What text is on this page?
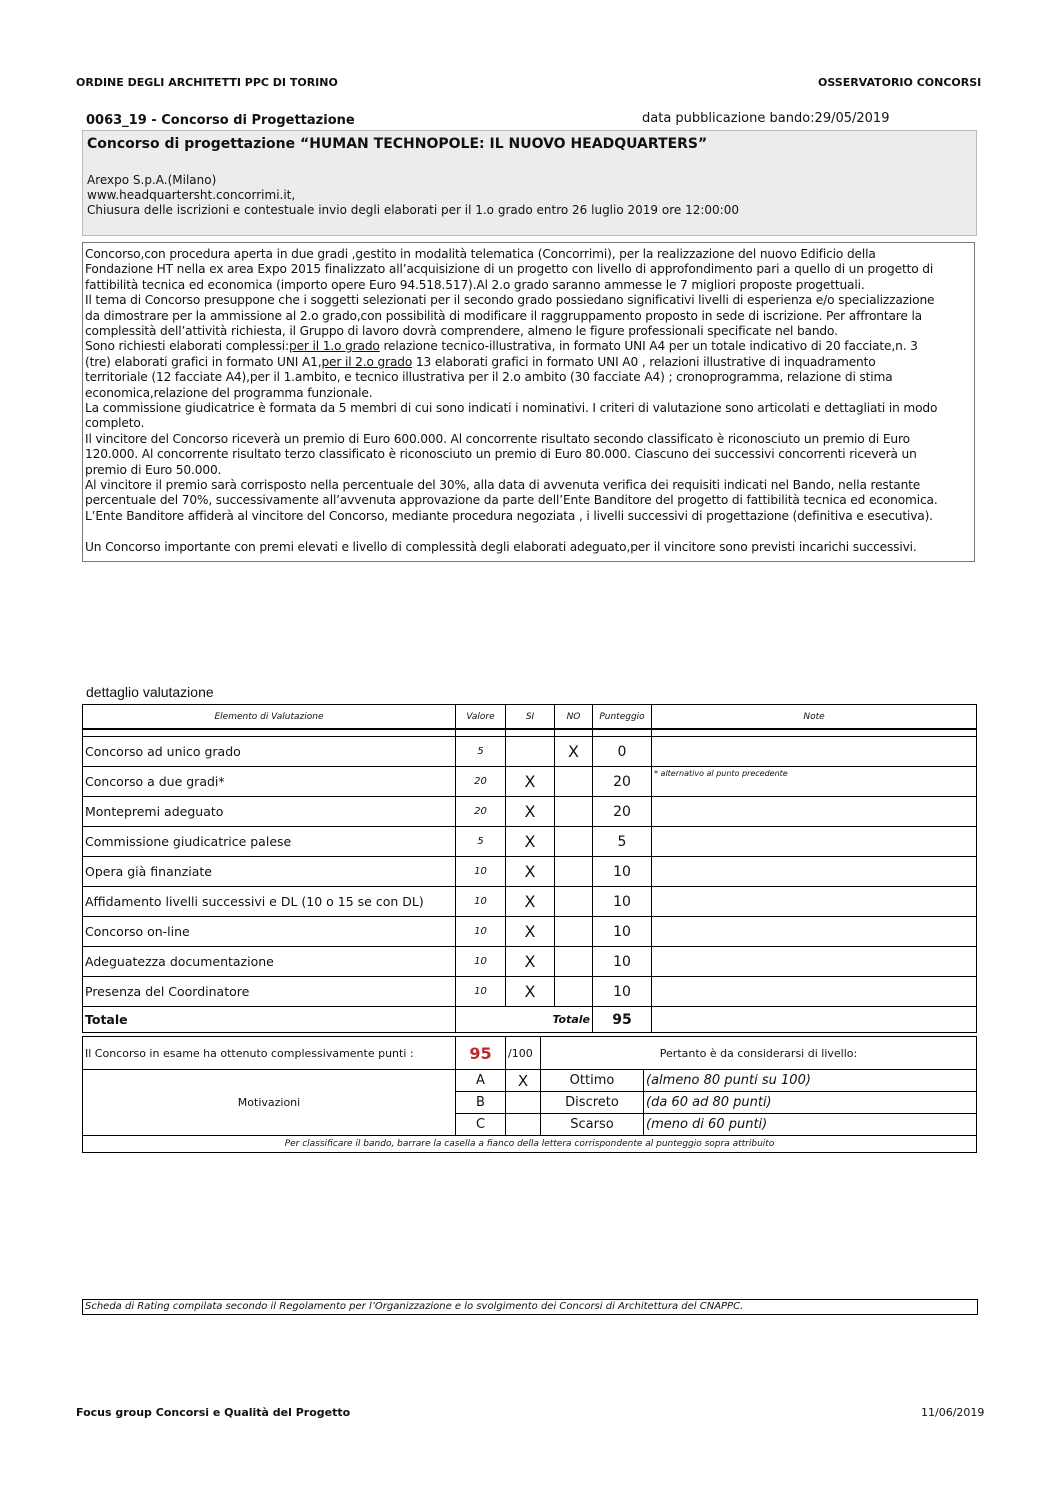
ORDINE DEGLI ARCHITETTI PPC DI TORINO	OSSERVATORIO CONCORSI
0063_19 - Concorso di Progettazione	data pubblicazione bando:29/05/2019
Concorso di progettazione “HUMAN TECHNOPOLE: IL NUOVO HEADQUARTERS”
Arexpo S.p.A.(Milano)
www.headquartersht.concorrimi.it,
Chiusura delle iscrizioni e contestuale invio degli elaborati per il 1.o grado entro 26 luglio 2019 ore 12:00:00
Concorso,con procedura aperta in due gradi ,gestito in modalità telematica (Concorrimi), per la realizzazione del nuovo Edificio della
Fondazione HT nella ex area Expo 2015 finalizzato all’acquisizione di un progetto con livello di approfondimento pari a quello di un progetto di
fattibilità tecnica ed economica (importo opere Euro 94.518.517).Al 2.o grado saranno ammesse le 7 migliori proposte progettuali.
Il tema di Concorso presuppone che i soggetti selezionati per il secondo grado possiedano significativi livelli di esperienza e/o specializzazione
da dimostrare per la ammissione al 2.o grado,con possibilità di modificare il raggruppamento proposto in sede di iscrizione. Per affrontare la
complessità dell’attività richiesta, il Gruppo di lavoro dovrà comprendere, almeno le figure professionali specificate nel bando.
Sono richiesti elaborati complessi:per il 1.o grado relazione tecnico-illustrativa, in formato UNI A4 per un totale indicativo di 20 facciate,n. 3
(tre) elaborati grafici in formato UNI A1,per il 2.o grado 13 elaborati grafici in formato UNI A0 , relazioni illustrative di inquadramento
territoriale (12 facciate A4),per il 1.ambito, e tecnico illustrativa per il 2.o ambito (30 facciate A4) ; cronoprogramma, relazione di stima
economica,relazione del programma funzionale.
La commissione giudicatrice è formata da 5 membri di cui sono indicati i nominativi. I criteri di valutazione sono articolati e dettagliati in modo
completo.
Il vincitore del Concorso riceverà un premio di Euro 600.000. Al concorrente risultato secondo classificato è riconosciuto un premio di Euro
120.000. Al concorrente risultato terzo classificato è riconosciuto un premio di Euro 80.000. Ciascuno dei successivi concorrenti riceverà un
premio di Euro 50.000.
Al vincitore il premio sarà corrisposto nella percentuale del 30%, alla data di avvenuta verifica dei requisiti indicati nel Bando, nella restante
percentuale del 70%, successivamente all’avvenuta approvazione da parte dell’Ente Banditore del progetto di fattibilità tecnica ed economica.
L’Ente Banditore affiderà al vincitore del Concorso, mediante procedura negoziata , i livelli successivi di progettazione (definitiva e esecutiva).
Un Concorso importante con premi elevati e livello di complessità degli elaborati adeguato,per il vincitore sono previsti incarichi successivi.
dettaglio valutazione
Elemento di Valutazione	Valore	SI	NO	Punteggio	Note

Concorso ad unico grado	5		X	0	
Concorso a due gradi*	20	X		20	* alternativo al punto precedente
Montepremi adeguato	20	X		20	
Commissione giudicatrice palese	5	X		5	
Opera già finanziate	10	X		10	
Affidamento livelli successivi e DL (10 o 15 se con DL)	10	X		10	
Concorso on-line	10	X		10	
Adeguatezza documentazione	10	X		10	
Presenza del Coordinatore	10	X		10	
Totale	Totale			95	
Il Concorso in esame ha ottenuto complessivamente punti :	95	/100	Pertanto è da considerarsi di livello:	
Motivazioni	A	X	Ottimo	(almeno 80 punti su 100)
	B		Discreto	(da 60 ad 80 punti)
	C		Scarso	(meno di 60 punti)
Per classificare il bando, barrare la casella a fianco della lettera corrispondente al punteggio sopra attribuito				
Scheda di Rating compilata secondo il Regolamento per l’Organizzazione e lo svolgimento dei Concorsi di Architettura del CNAPPC.
Focus group Concorsi e Qualità del Progetto	11/06/2019
